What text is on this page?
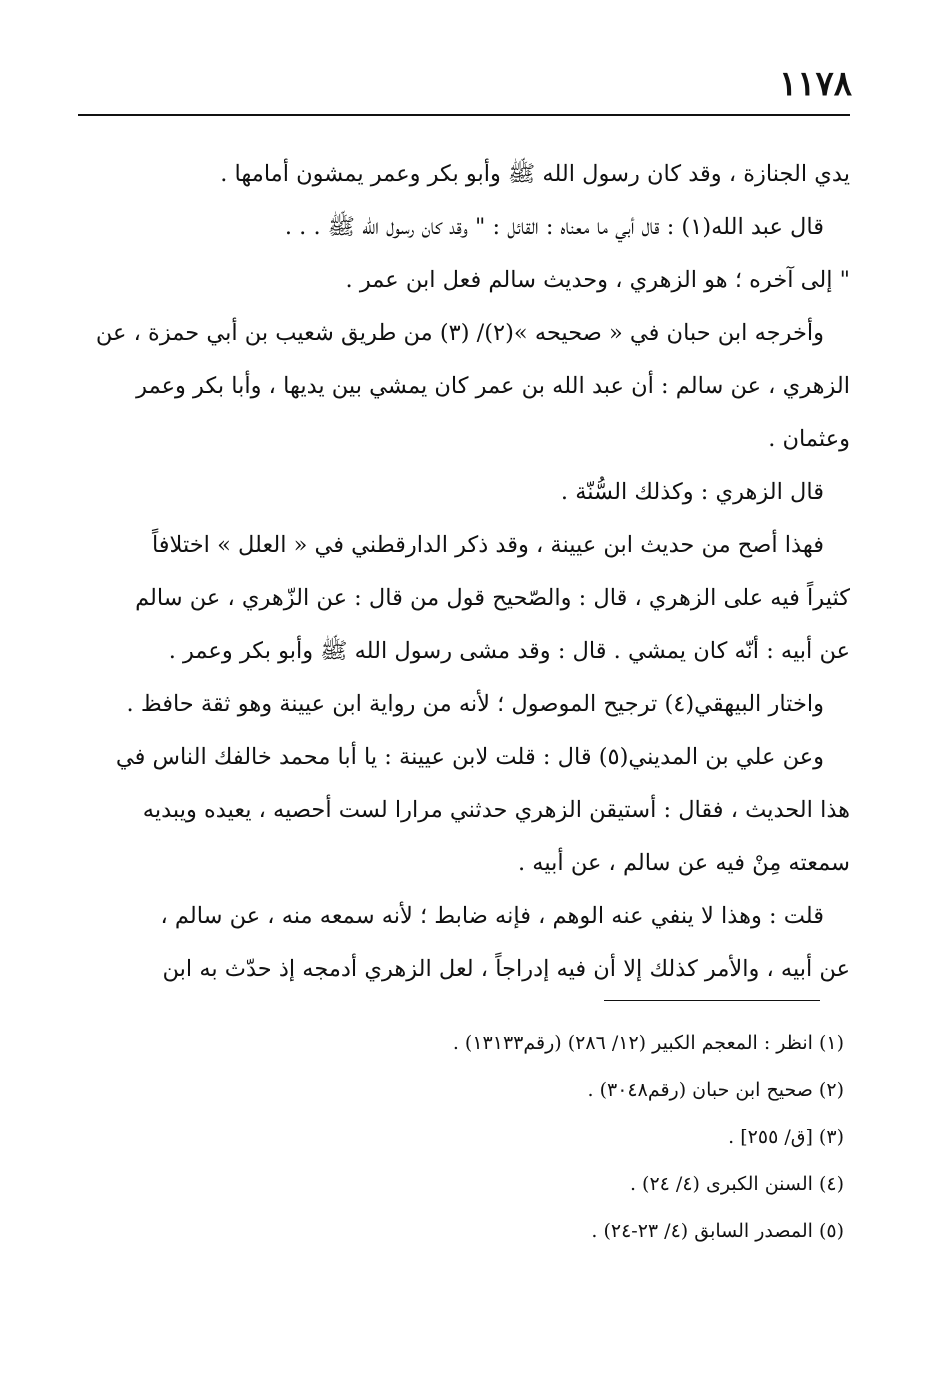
١١٧٨
يدي الجنازة ، وقد كان رسول الله ﷺ وأبو بكر وعمر يمشون أمامها .
قال عبد الله(١) : قال أبي ما معناه : القائل : " وقد كان رسول الله ﷺ . . .
" إلى آخره ؛ هو الزهري ، وحديث سالم فعل ابن عمر .
وأخرجه ابن حبان في « صحيحه »(٢)/ (٣) من طريق شعيب بن أبي حمزة ، عن
الزهري ، عن سالم : أن عبد الله بن عمر كان يمشي بين يديها ، وأبا بكر وعمر
وعثمان .
قال الزهري : وكذلك السُّنّة .
فهذا أصح من حديث ابن عيينة ، وقد ذكر الدارقطني في « العلل » اختلافاً
كثيراً فيه على الزهري ، قال : والصّحيح قول من قال : عن الزّهري ، عن سالم
عن أبيه : أنّه كان يمشي . قال : وقد مشى رسول الله ﷺ وأبو بكر وعمر .
واختار البيهقي(٤) ترجيح الموصول ؛ لأنه من رواية ابن عيينة وهو ثقة حافظ .
وعن علي بن المديني(٥) قال : قلت لابن عيينة : يا أبا محمد خالفك الناس في
هذا الحديث ، فقال : أستيقن الزهري حدثني مرارا لست أحصيه ، يعيده ويبديه
سمعته مِنْ فيه عن سالم ، عن أبيه .
قلت : وهذا لا ينفي عنه الوهم ، فإنه ضابط ؛ لأنه سمعه منه ، عن سالم ،
عن أبيه ، والأمر كذلك إلا أن فيه إدراجاً ، لعل الزهري أدمجه إذ حدّث به ابن
(١) انظر : المعجم الكبير (١٢/ ٢٨٦) (رقم١٣١٣٣) .
(٢) صحيح ابن حبان (رقم٣٠٤٨) .
(٣) [ق/ ٢٥٥] .
(٤) السنن الكبرى (٤/ ٢٤) .
(٥) المصدر السابق (٤/ ٢٣-٢٤) .
